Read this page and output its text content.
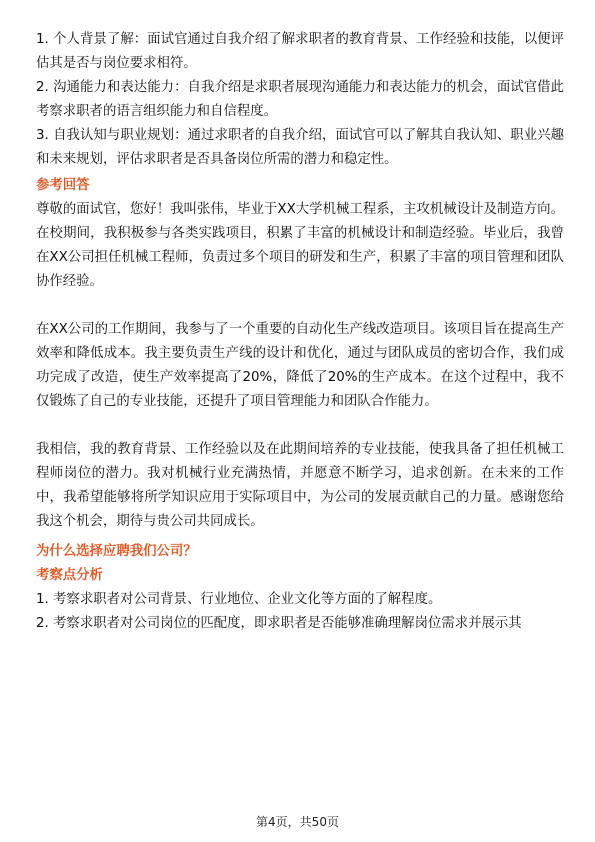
1. 个人背景了解：面试官通过自我介绍了解求职者的教育背景、工作经验和技能，以便评估其是否与岗位要求相符。

2. 沟通能力和表达能力：自我介绍是求职者展现沟通能力和表达能力的机会，面试官借此考察求职者的语言组织能力和自信程度。

3. 自我认知与职业规划：通过求职者的自我介绍，面试官可以了解其自我认知、职业兴趣和未来规划，评估求职者是否具备岗位所需的潜力和稳定性。

参考回答

尊敬的面试官，您好！我叫张伟，毕业于XX大学机械工程系，主攻机械设计及制造方向。在校期间，我积极参与各类实践项目，积累了丰富的机械设计和制造经验。毕业后，我曾在XX公司担任机械工程师，负责过多个项目的研发和生产，积累了丰富的项目管理和团队协作经验。

在XX公司的工作期间，我参与了一个重要的自动化生产线改造项目。该项目旨在提高生产效率和降低成本。我主要负责生产线的设计和优化，通过与团队成员的密切合作，我们成功完成了改造，使生产效率提高了20%，降低了20%的生产成本。在这个过程中，我不仅锻炼了自己的专业技能，还提升了项目管理能力和团队合作能力。

我相信，我的教育背景、工作经验以及在此期间培养的专业技能，使我具备了担任机械工程师岗位的潜力。我对机械行业充满热情，并愿意不断学习，追求创新。在未来的工作中，我希望能够将所学知识应用于实际项目中，为公司的发展贡献自己的力量。感谢您给我这个机会，期待与贵公司共同成长。

为什么选择应聘我们公司？

考察点分析

1. 考察求职者对公司背景、行业地位、企业文化等方面的了解程度。

2. 考察求职者对公司岗位的匹配度，即求职者是否能够准确理解岗位需求并展示其

第4页，共50页
